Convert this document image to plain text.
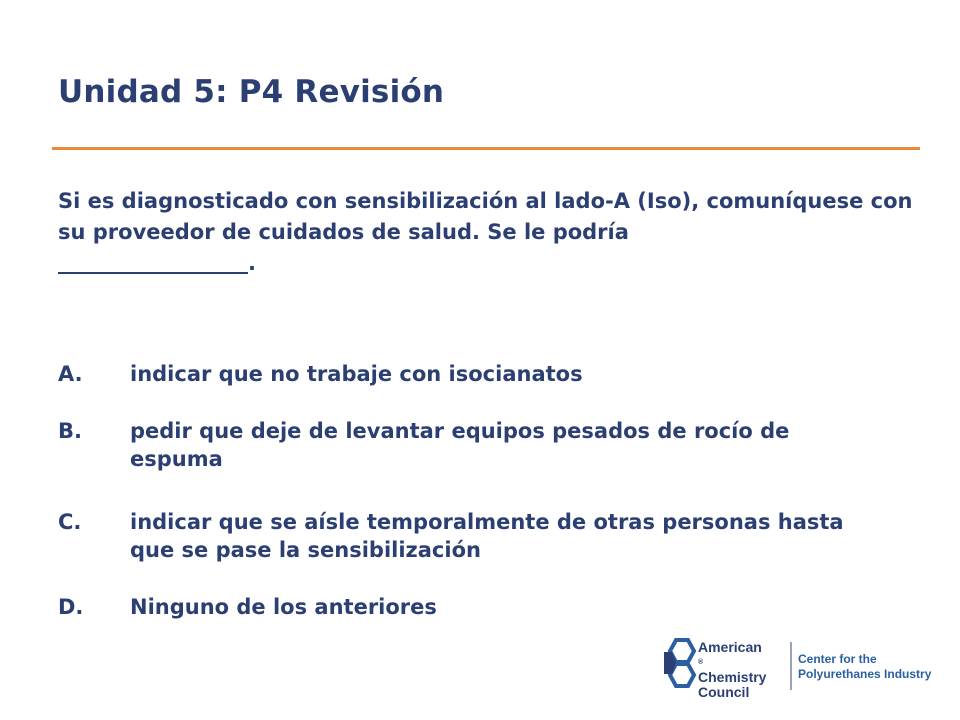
Unidad 5: P4 Revisión
Si es diagnosticado con sensibilización al lado-A (Iso), comuníquese con su proveedor de cuidados de salud. Se le podría
.
A.	indicar que no trabaje con isocianatos
B.	pedir que deje de levantar equipos pesados de rocío de espuma
C.	indicar que se aísle temporalmente de otras personas hasta que se pase la sensibilización
D.	Ninguno de los anteriores
American
®
Chemistry
Council
Center for the
Polyurethanes Industry
